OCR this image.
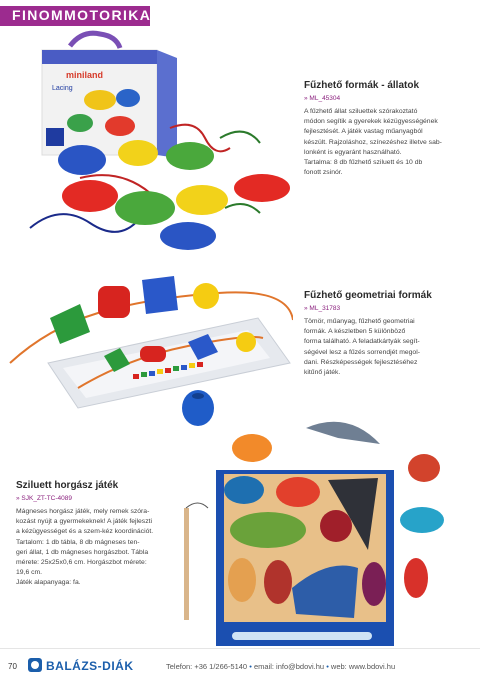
FINOMMOTORIKA
miniland
Lacing	Fűzhető formák - állatok
» ML_45304
A fűzhető állat sziluettek szórakoztató
módon segítik a gyerekek kézügyességének
fejlesztését. A játék vastag műanyagból
készült. Rajzoláshoz, színezéshez illetve sab-
lonként is egyaránt használható.
Tartalma: 8 db fűzhető sziluett és 10 db
fonott zsinór.
Fűzhető geometriai formák
» ML_31783
Tömör, műanyag, fűzhető geometriai
formák. A készletben 5 különböző
forma található. A feladatkártyák segít-
ségével lesz a fűzés sorrendjét megol-
dani. Részképességek fejlesztéséhez
kitűnő játék.
Sziluett horgász játék
» SJK_ZT-TC-4089
Mágneses horgász játék, mely remek szóra-
kozást nyújt a gyermekeknek! A játék fejleszti
a kézügyességet és a szem-kéz koordinációt.
Tartalom: 1 db tábla, 8 db mágneses ten-
geri állat, 1 db mágneses horgászbot. Tábla
mérete: 25x25x0,6 cm. Horgászbot mérete:
19,6 cm.
Játék alapanyaga: fa.
70 BALÁZS-DIÁK	Telefon: +36 1/266-5140 • email: info@bdovi.hu • web: www.bdovi.hu
